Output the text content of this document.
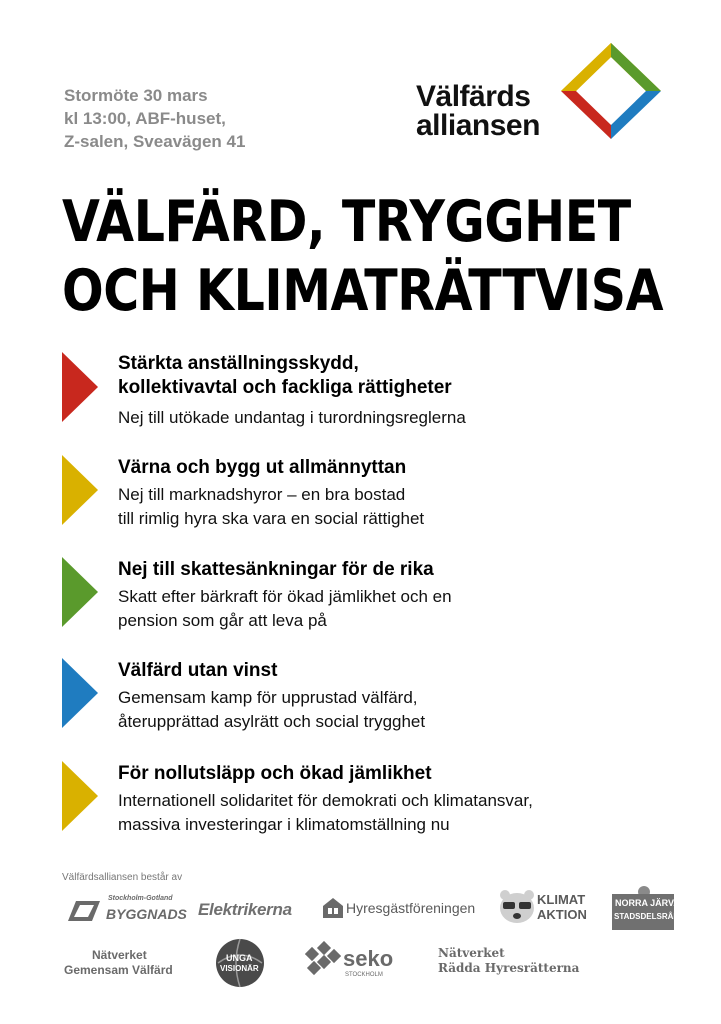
Stormöte 30 mars
kl 13:00, ABF-huset,
Z-salen, Sveavägen 41
Välfärds
alliansen
VÄLFÄRD, TRYGGHET
OCH KLIMATRÄTTVISA
Stärkta anställningsskydd,
kollektivavtal och fackliga rättigheter
Nej till utökade undantag i turordningsreglerna
Värna och bygg ut allmännyttan
Nej till marknadshyror – en bra bostad
till rimlig hyra ska vara en social rättighet
Nej till skattesänkningar för de rika
Skatt efter bärkraft för ökad jämlikhet och en
pension som går att leva på
Välfärd utan vinst
Gemensam kamp för upprustad välfärd,
återupprättad asylrätt och social trygghet
För nollutsläpp och ökad jämlikhet
Internationell solidaritet för demokrati och klimatansvar,
massiva investeringar i klimatomställning nu
Välfärdsalliansen består av
Stockholm-Gotland
BYGGNADS Elektrikerna	Hyresgästföreningen
KLIMAT
AKTION
NORRA JÄRVA
STADSDELSRÅD
Nätverket
Gemensam Välfärd
UNGA
VISIONÄR	seko
STOCKHOLM
Nätverket
Rädda Hyresrätterna
